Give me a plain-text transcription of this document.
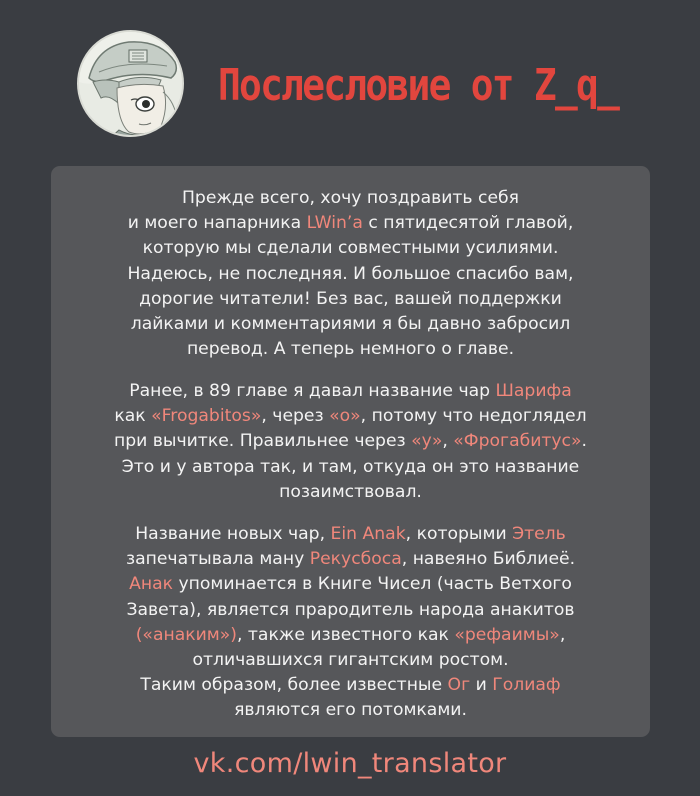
Послесловие от Z_q_
Прежде всего, хочу поздравить себя
и моего напарника LWin’a с пятидесятой главой,
которую мы сделали совместными усилиями.
Надеюсь, не последняя. И большое спасибо вам,
дорогие читатели! Без вас, вашей поддержки
лайками и комментариями я бы давно забросил
перевод. А теперь немного о главе.
Ранее, в 89 главе я давал название чар Шарифа
как «Frogabitos», через «о», потому что недоглядел
при вычитке. Правильнее через «у», «Фрогабитус».
Это и у автора так, и там, откуда он это название
позаимствовал.
Название новых чар, Ein Anak, которыми Этель
запечатывала ману Рекусбоса, навеяно Библиеё.
Анак упоминается в Книге Чисел (часть Ветхого
Завета), является прародитель народа анакитов
(«анаким»), также известного как «рефаимы»,
отличавшихся гигантским ростом.
Таким образом, более известные Ог и Голиаф
являются его потомками.
vk.com/lwin_translator
